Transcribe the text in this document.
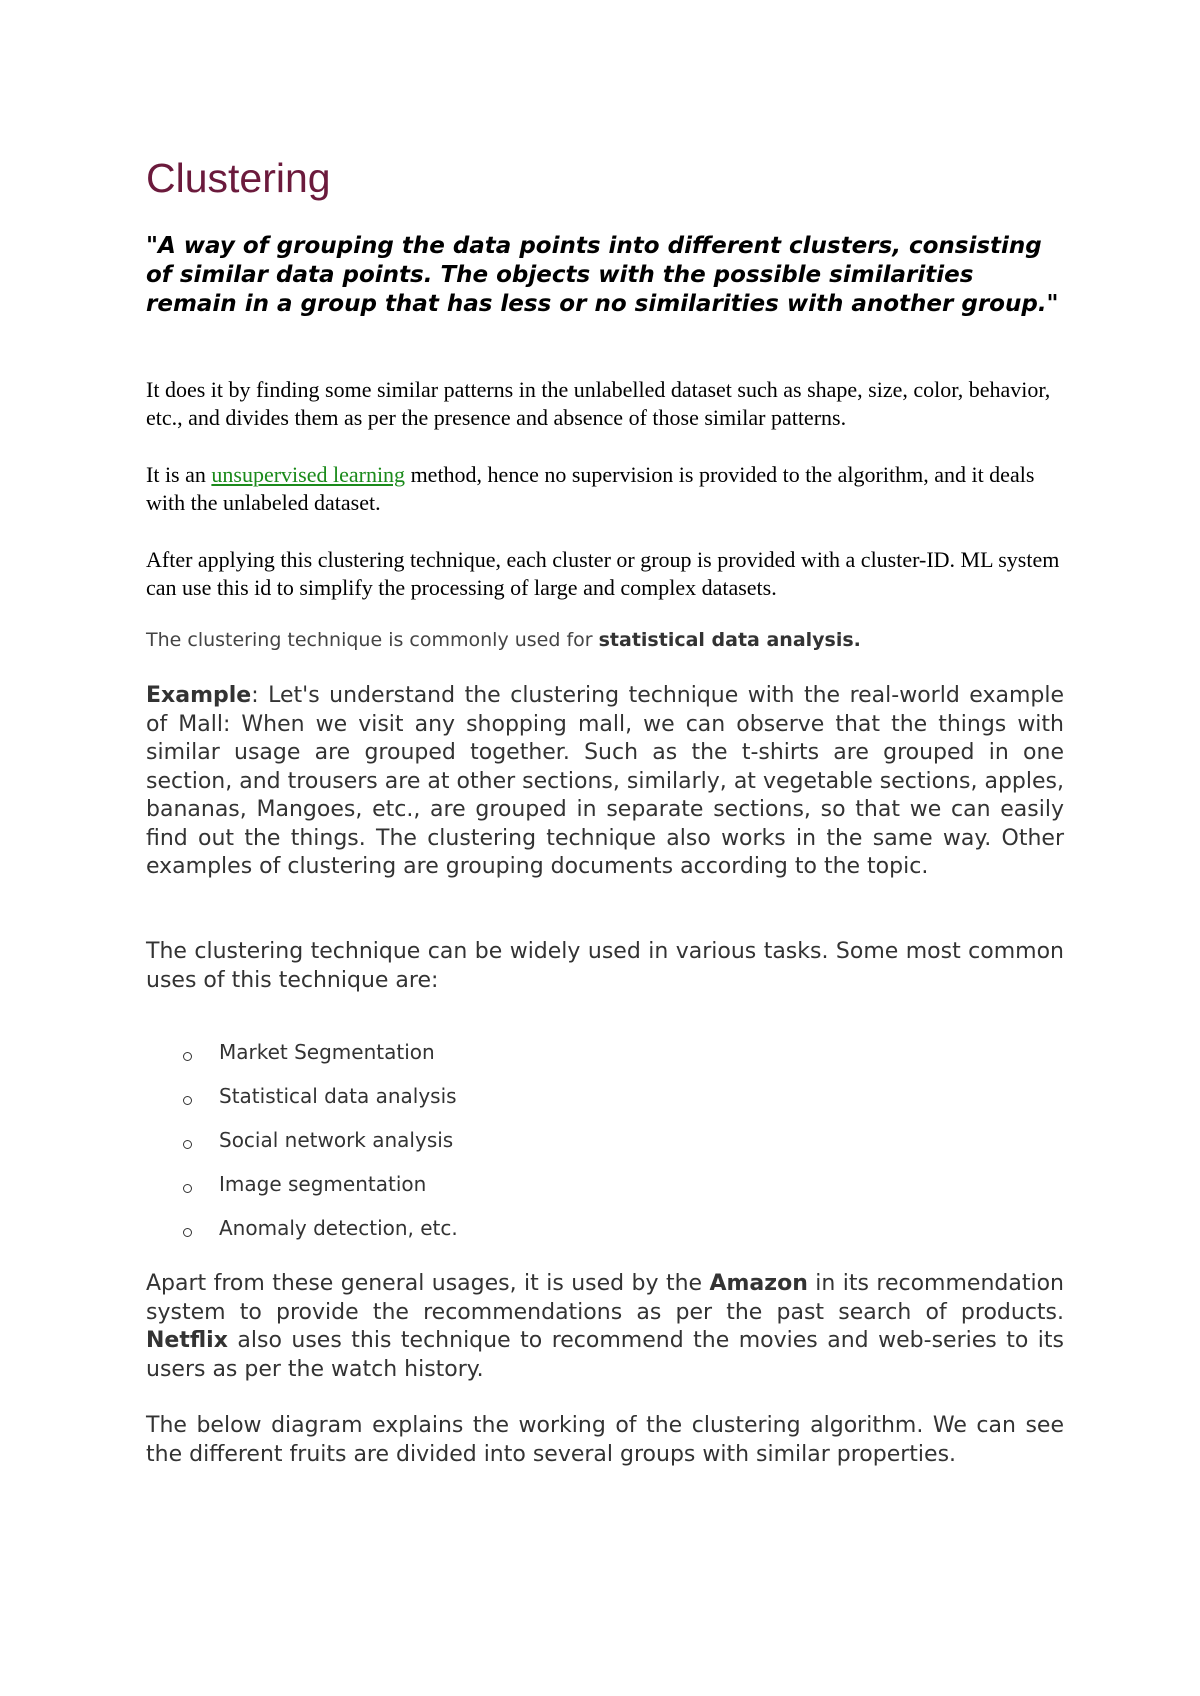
Clustering

"A way of grouping the data points into different clusters, consisting of similar data points. The objects with the possible similarities remain in a group that has less or no similarities with another group."

It does it by finding some similar patterns in the unlabelled dataset such as shape, size, color, behavior, etc., and divides them as per the presence and absence of those similar patterns.

It is an unsupervised learning method, hence no supervision is provided to the algorithm, and it deals with the unlabeled dataset.

After applying this clustering technique, each cluster or group is provided with a cluster-ID. ML system can use this id to simplify the processing of large and complex datasets.

The clustering technique is commonly used for statistical data analysis.

Example: Let's understand the clustering technique with the real-world example of Mall: When we visit any shopping mall, we can observe that the things with similar usage are grouped together. Such as the t-shirts are grouped in one section, and trousers are at other sections, similarly, at vegetable sections, apples, bananas, Mangoes, etc., are grouped in separate sections, so that we can easily find out the things. The clustering technique also works in the same way. Other examples of clustering are grouping documents according to the topic.

The clustering technique can be widely used in various tasks. Some most common uses of this technique are:

Market Segmentation
Statistical data analysis
Social network analysis
Image segmentation
Anomaly detection, etc.

Apart from these general usages, it is used by the Amazon in its recommendation system to provide the recommendations as per the past search of products. Netflix also uses this technique to recommend the movies and web-series to its users as per the watch history.

The below diagram explains the working of the clustering algorithm. We can see the different fruits are divided into several groups with similar properties.
